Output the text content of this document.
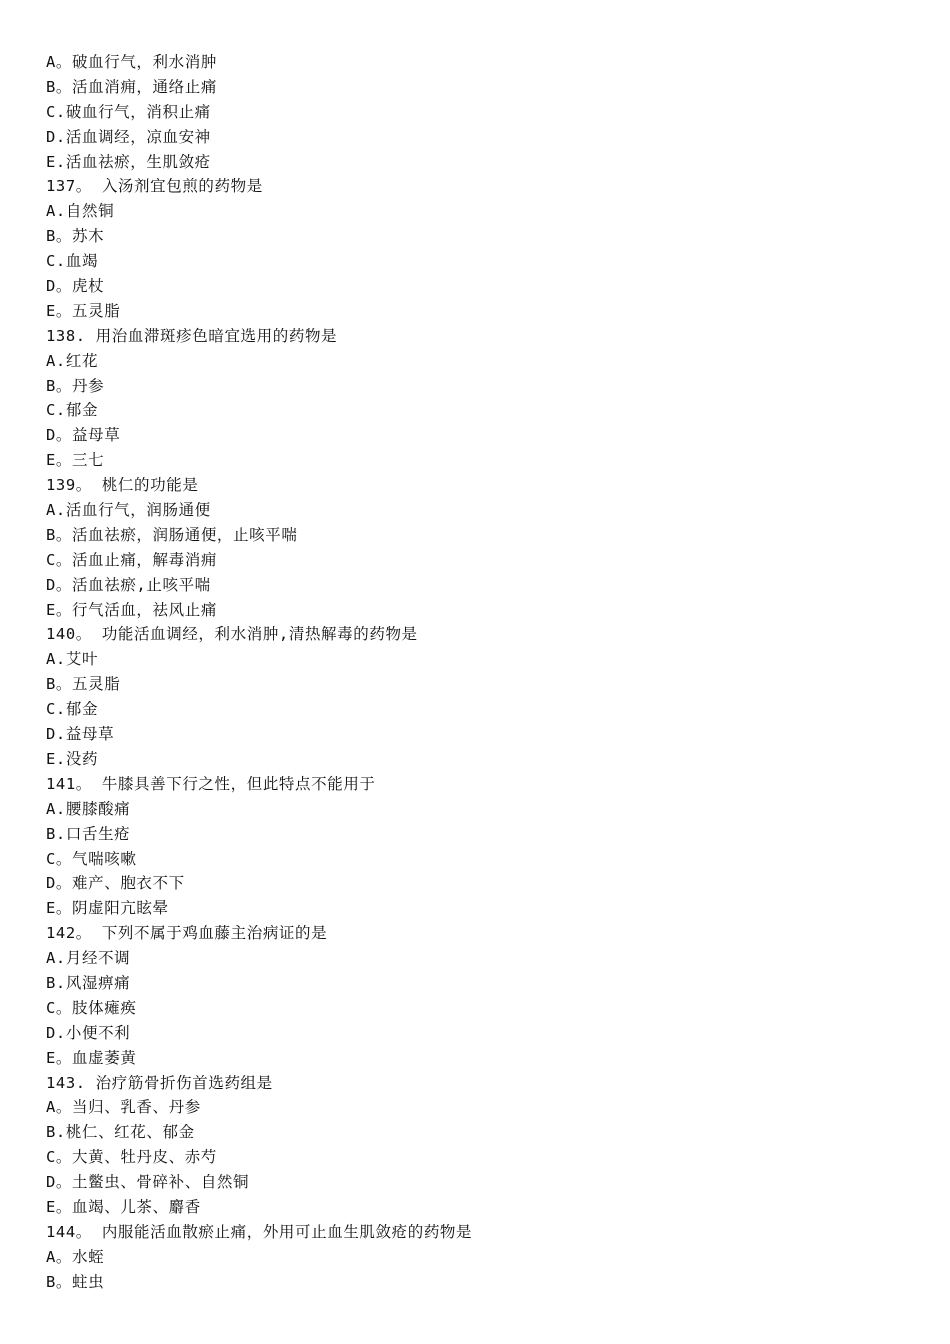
A。破血行气，利水消肿
B。活血消痈，通络止痛
C.破血行气，消积止痛
D.活血调经，凉血安神
E.活血祛瘀，生肌敛疮
137。 入汤剂宜包煎的药物是
A.自然铜
B。苏木
C.血竭
D。虎杖
E。五灵脂
138. 用治血滞斑疹色暗宜选用的药物是
A.红花
B。丹参
C.郁金
D。益母草
E。三七
139。 桃仁的功能是
A.活血行气，润肠通便
B。活血祛瘀，润肠通便，止咳平喘
C。活血止痛，解毒消痈
D。活血祛瘀,止咳平喘
E。行气活血，祛风止痛
140。 功能活血调经，利水消肿,清热解毒的药物是
A.艾叶
B。五灵脂
C.郁金
D.益母草
E.没药
141。 牛膝具善下行之性，但此特点不能用于
A.腰膝酸痛
B.口舌生疮
C。气喘咳嗽
D。难产、胞衣不下
E。阴虚阳亢眩晕
142。 下列不属于鸡血藤主治病证的是
A.月经不调
B.风湿痹痛
C。肢体瘫痪
D.小便不利
E。血虚萎黄
143. 治疗筋骨折伤首选药组是
A。当归、乳香、丹参
B.桃仁、红花、郁金
C。大黄、牡丹皮、赤芍
D。土鳖虫、骨碎补、自然铜
E。血竭、儿茶、麝香
144。 内服能活血散瘀止痛，外用可止血生肌敛疮的药物是
A。水蛭
B。蛀虫
